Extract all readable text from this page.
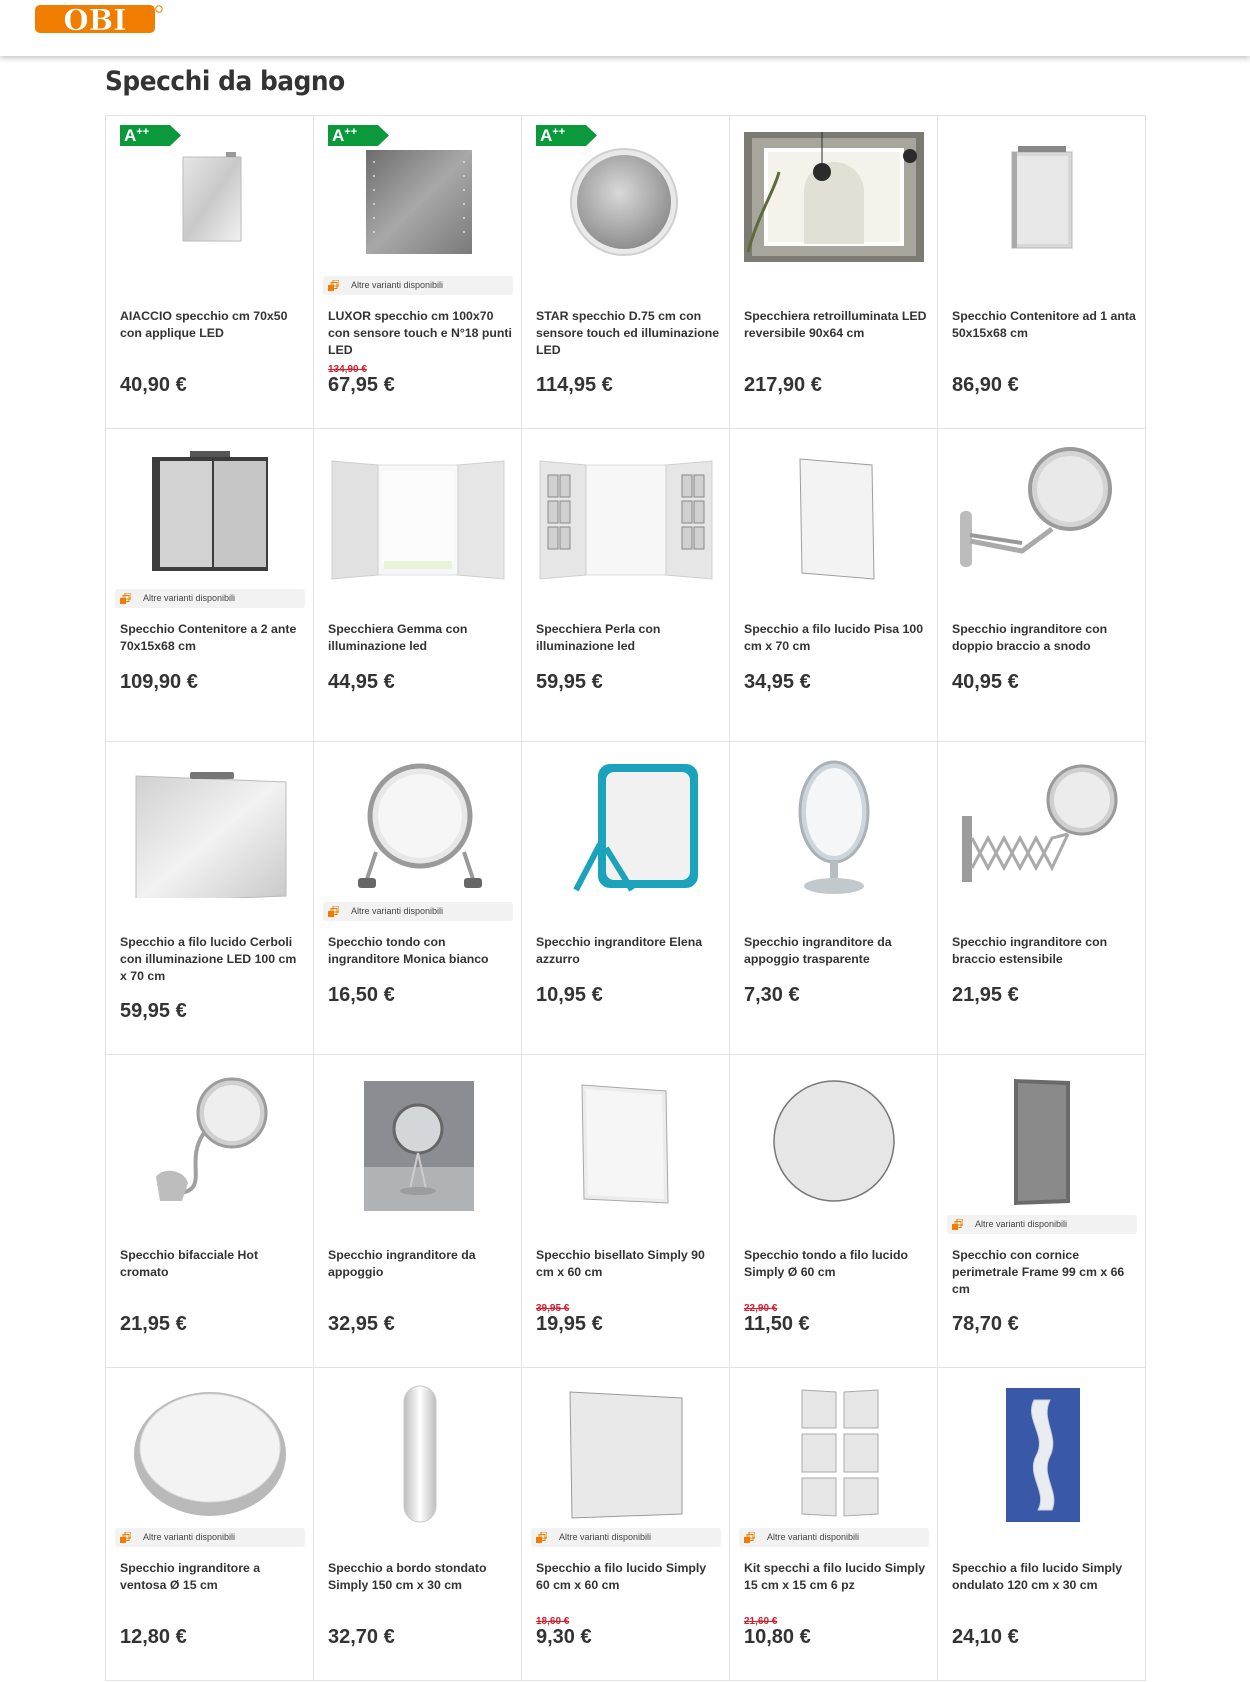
OBI
Specchi da bagno
A++

AIACCIO specchio cm 70x50 con applique LED

40,90 €
A++
Altre varianti disponibili

LUXOR specchio cm 100x70 con sensore touch e N°18 punti LED

134,90 €
67,95 €
A++

STAR specchio D.75 cm con sensore touch ed illuminazione LED

114,95 €

Specchiera retroilluminata LED reversibile 90x64 cm

217,90 €

Specchio Contenitore ad 1 anta 50x15x68 cm

86,90 €
Altre varianti disponibili

Specchio Contenitore a 2 ante 70x15x68 cm

109,90 €

Specchiera Gemma con illuminazione led

44,95 €

Specchiera Perla con illuminazione led

59,95 €

Specchio a filo lucido Pisa 100 cm x 70 cm

34,95 €

Specchio ingranditore con doppio braccio a snodo

40,95 €

Specchio a filo lucido Cerboli con illuminazione LED 100 cm x 70 cm

59,95 €
Altre varianti disponibili

Specchio tondo con ingranditore Monica bianco

16,50 €

Specchio ingranditore Elena azzurro

10,95 €

Specchio ingranditore da appoggio trasparente

7,30 €

Specchio ingranditore con braccio estensibile

21,95 €

Specchio bifacciale Hot cromato

21,95 €

Specchio ingranditore da appoggio

32,95 €

Specchio bisellato Simply 90 cm x 60 cm

39,95 €
19,95 €

Specchio tondo a filo lucido Simply Ø 60 cm

22,90 €
11,50 €
Altre varianti disponibili

Specchio con cornice perimetrale Frame 99 cm x 66 cm

78,70 €
Altre varianti disponibili

Specchio ingranditore a ventosa Ø 15 cm

12,80 €

Specchio a bordo stondato Simply 150 cm x 30 cm

32,70 €
Altre varianti disponibili

Specchio a filo lucido Simply 60 cm x 60 cm

18,60 €
9,30 €
Altre varianti disponibili

Kit specchi a filo lucido Simply 15 cm x 15 cm 6 pz

21,60 €
10,80 €

Specchio a filo lucido Simply ondulato 120 cm x 30 cm

24,10 €
